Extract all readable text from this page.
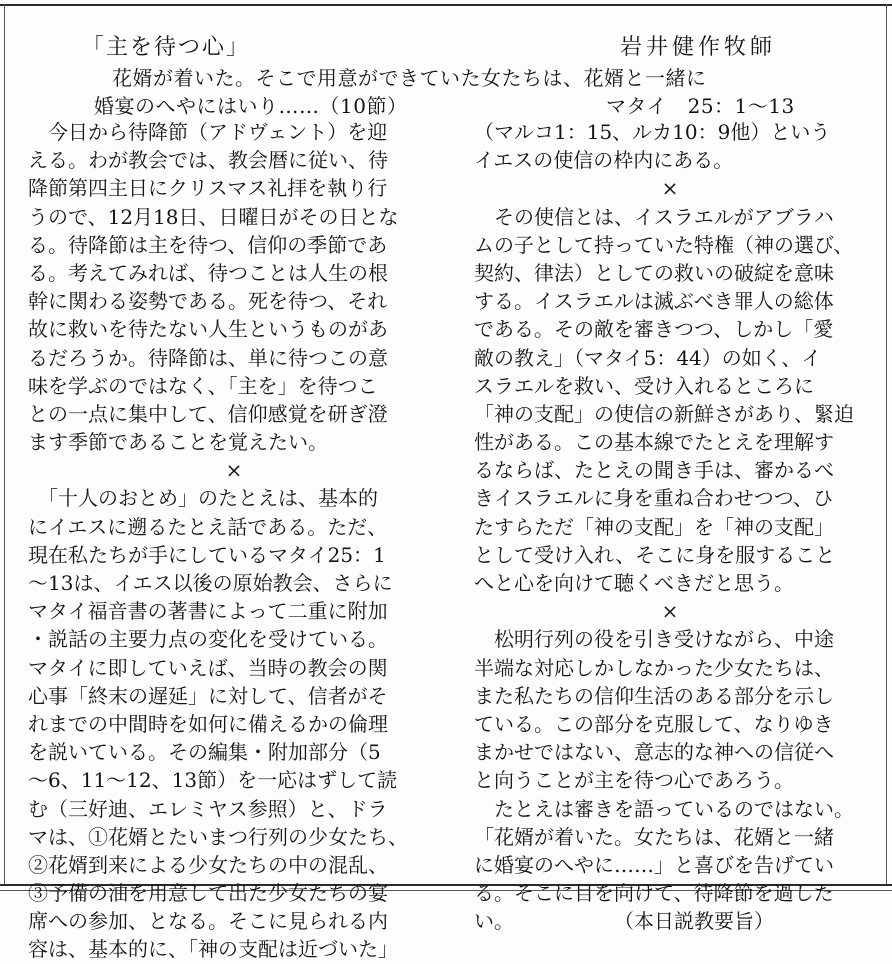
「主を待つ心」	岩井健作牧師
花婿が着いた。そこで用意ができていた女たちは、花婿と一緒に
婚宴のへやにはいり……（10節）	マタイ　25：1〜13
　今日から待降節（アドヴェント）を迎
える。わが教会では、教会暦に従い、待
降節第四主日にクリスマス礼拝を執り行
うので、12月18日、日曜日がその日とな
る。待降節は主を待つ、信仰の季節であ
る。考えてみれば、待つことは人生の根
幹に関わる姿勢である。死を待つ、それ
故に救いを待たない人生というものがあ
るだろうか。待降節は、単に待つこの意
味を学ぶのではなく、「主を」を待つこ
との一点に集中して、信仰感覚を研ぎ澄
ます季節であることを覚えたい。
×
　「十人のおとめ」のたとえは、基本的
にイエスに遡るたとえ話である。ただ、
現在私たちが手にしているマタイ25：1
〜13は、イエス以後の原始教会、さらに
マタイ福音書の著書によって二重に附加
・説話の主要力点の変化を受けている。
マタイに即していえば、当時の教会の関
心事「終末の遅延」に対して、信者がそ
れまでの中間時を如何に備えるかの倫理
を説いている。その編集・附加部分（5
〜6、11〜12、13節）を一応はずして読
む（三好迪、エレミヤス参照）と、ドラ
マは、①花婿とたいまつ行列の少女たち、
②花婿到来による少女たちの中の混乱、
③予備の油を用意して出た少女たちの宴
席への参加、となる。そこに見られる内
容は、基本的に、「神の支配は近づいた」
（マルコ1：15、ルカ10：9他）という
イエスの使信の枠内にある。
×
　その使信とは、イスラエルがアブラハ
ムの子として持っていた特権（神の選び、
契約、律法）としての救いの破綻を意味
する。イスラエルは滅ぶべき罪人の総体
である。その敵を審きつつ、しかし「愛
敵の教え」（マタイ5：44）の如く、イ
スラエルを救い、受け入れるところに
「神の支配」の使信の新鮮さがあり、緊迫
性がある。この基本線でたとえを理解す
るならば、たとえの聞き手は、審かるべ
きイスラエルに身を重ね合わせつつ、ひ
たすらただ「神の支配」を「神の支配」
として受け入れ、そこに身を服すること
へと心を向けて聴くべきだと思う。
×
　松明行列の役を引き受けながら、中途
半端な対応しかしなかった少女たちは、
また私たちの信仰生活のある部分を示し
ている。この部分を克服して、なりゆき
まかせではない、意志的な神への信従へ
と向うことが主を待つ心であろう。
　たとえは審きを語っているのではない。
「花婿が着いた。女たちは、花婿と一緒
に婚宴のへやに……」と喜びを告げてい
る。そこに目を向けて、待降節を過した
い。　　　　　　（本日説教要旨）
